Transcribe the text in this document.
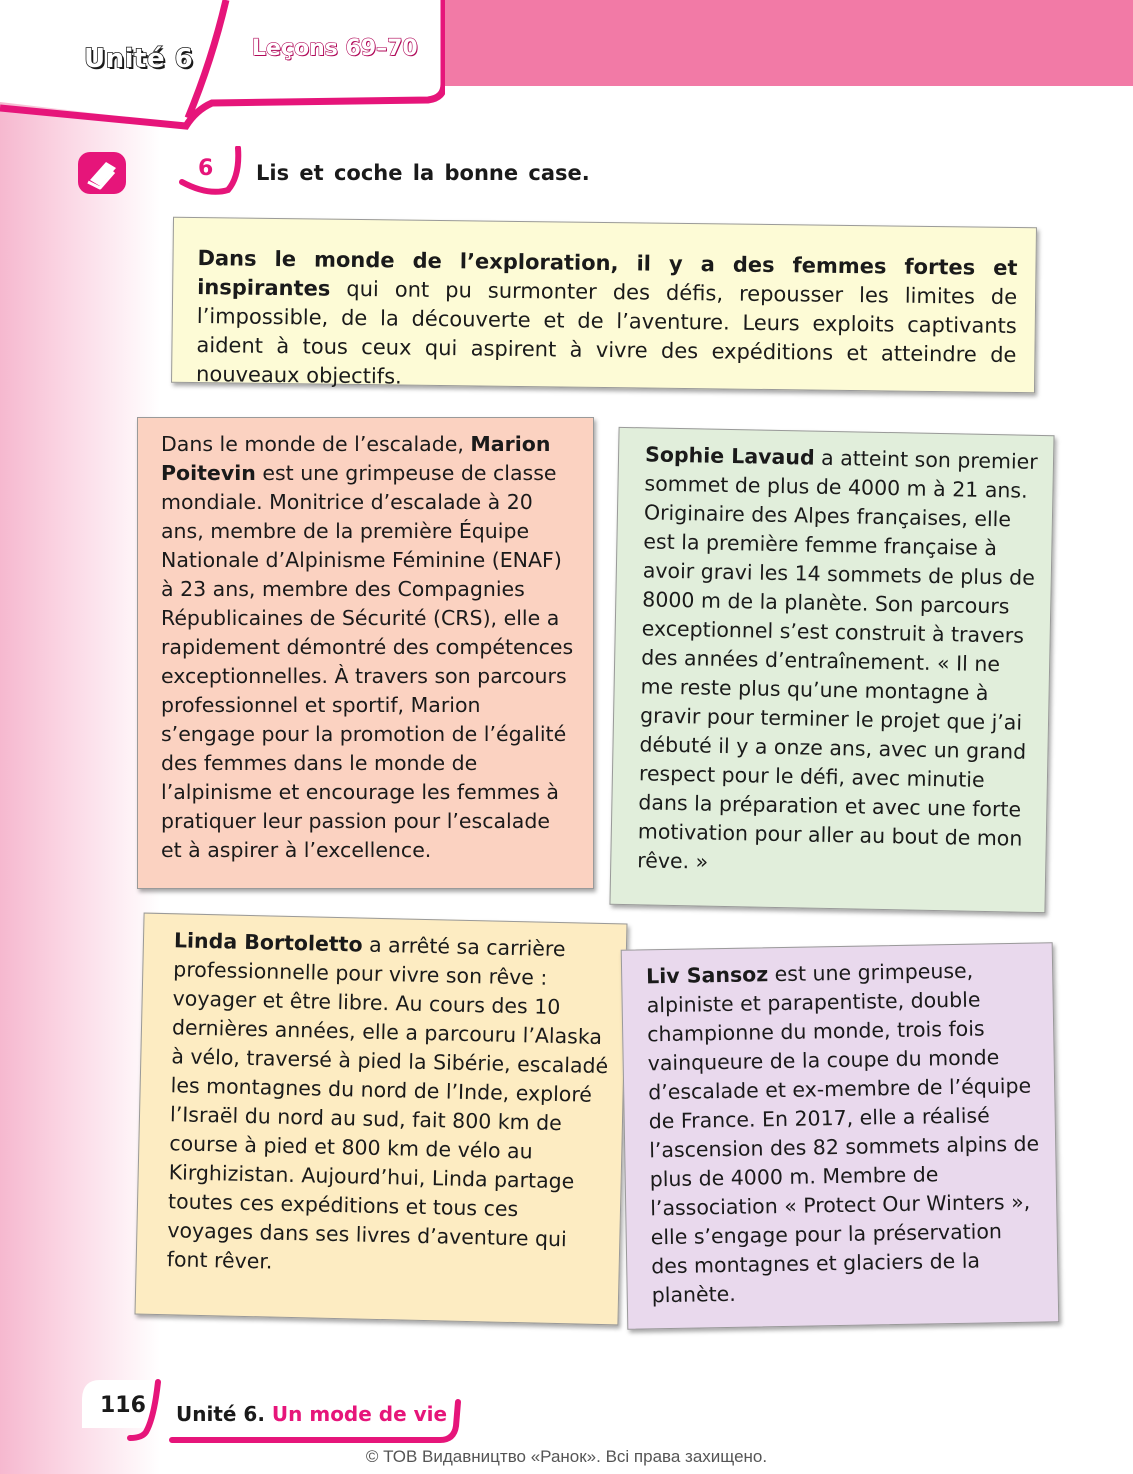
Unité 6	Leçons 69–70
6 Lis et coche la bonne case.

Dans le monde de l’exploration, il y a des femmes fortes et inspirantes qui ont pu surmonter des défis, repousser les limites de l’impossible, de la découverte et de l’aventure. Leurs exploits captivants aident à tous ceux qui aspirent à vivre des expéditions et atteindre de nouveaux objectifs.

Dans le monde de l’escalade, Marion Poitevin est une grimpeuse de classe mondiale. Monitrice d’escalade à 20 ans, membre de la première Équipe Nationale d’Alpinisme Féminine (ENAF) à 23 ans, membre des Compagnies Républicaines de Sécurité (CRS), elle a rapidement démontré des compétences exceptionnelles. À travers son parcours professionnel et sportif, Marion s’engage pour la promotion de l’égalité des femmes dans le monde de l’alpinisme et encourage les femmes à pratiquer leur passion pour l’escalade et à aspirer à l’excellence.

Sophie Lavaud a atteint son premier sommet de plus de 4000 m à 21 ans. Originaire des Alpes françaises, elle est la première femme française à avoir gravi les 14 sommets de plus de 8000 m de la planète. Son parcours exceptionnel s’est construit à travers des années d’entraînement. « Il ne me reste plus qu’une montagne à gravir pour terminer le projet que j’ai débuté il y a onze ans, avec un grand respect pour le défi, avec minutie dans la préparation et avec une forte motivation pour aller au bout de mon rêve. »

Linda Bortoletto a arrêté sa carrière professionnelle pour vivre son rêve : voyager et être libre. Au cours des 10 dernières années, elle a parcouru l’Alaska à vélo, traversé à pied la Sibérie, escaladé les montagnes du nord de l’Inde, exploré l’Israël du nord au sud, fait 800 km de course à pied et 800 km de vélo au Kirghizistan. Aujourd’hui, Linda partage toutes ces expéditions et tous ces voyages dans ses livres d’aventure qui font rêver.

Liv Sansoz est une grimpeuse, alpiniste et parapentiste, double championne du monde, trois fois vainqueure de la coupe du monde d’escalade et ex-membre de l’équipe de France. En 2017, elle a réalisé l’ascension des 82 sommets alpins de plus de 4000 m. Membre de l’association « Protect Our Winters », elle s’engage pour la préservation des montagnes et glaciers de la planète.

116 Unité 6. Un mode de vie
© ТОВ Видавництво «Ранок». Всі права захищено.
